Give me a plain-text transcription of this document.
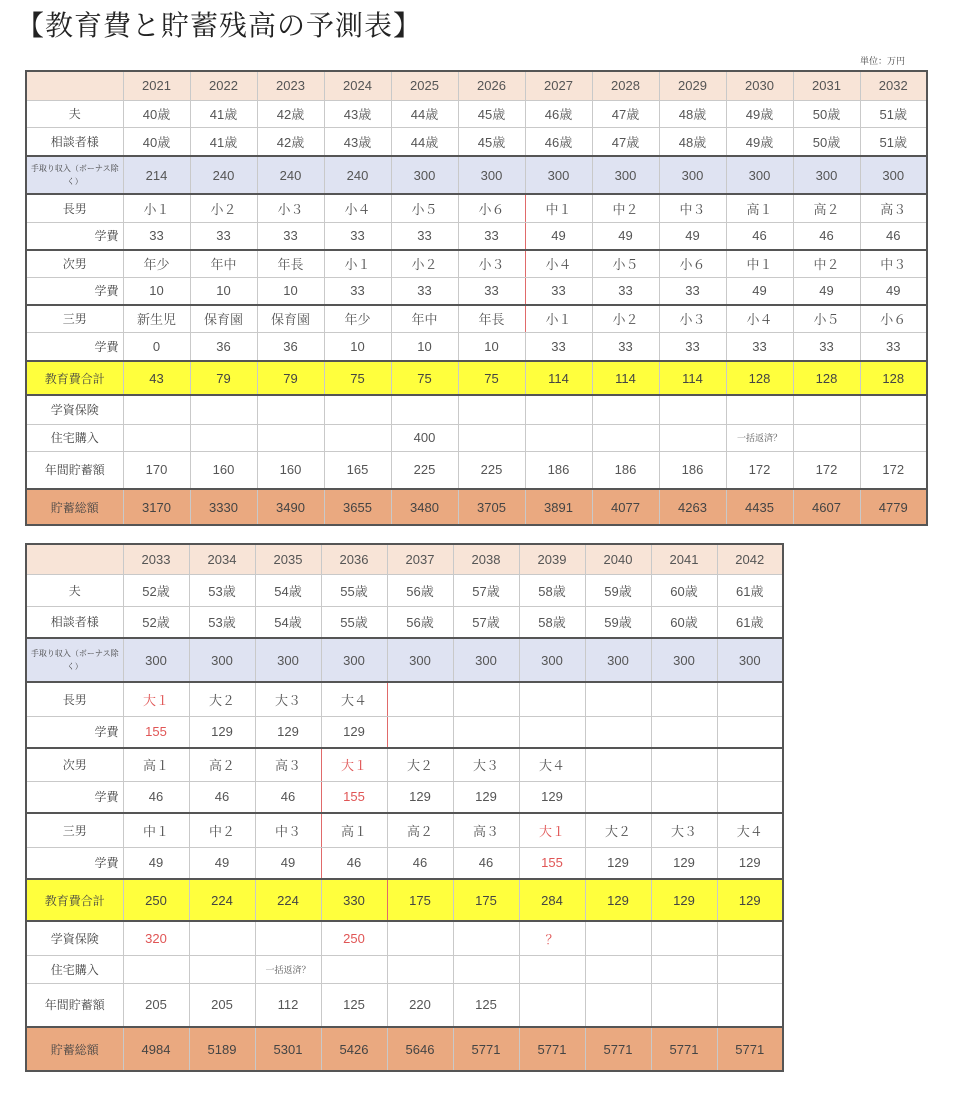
【教育費と貯蓄残高の予測表】
単位：万円
	2021	2022	2023	2024	2025	2026	2027	2028	2029	2030	2031	2032
夫	40歳	41歳	42歳	43歳	44歳	45歳	46歳	47歳	48歳	49歳	50歳	51歳
相談者様	40歳	41歳	42歳	43歳	44歳	45歳	46歳	47歳	48歳	49歳	50歳	51歳
手取り収入（ボーナス除く）	214	240	240	240	300	300	300	300	300	300	300	300
長男	小１	小２	小３	小４	小５	小６	中１	中２	中３	高１	高２	高３
学費	33	33	33	33	33	33	49	49	49	46	46	46
次男	年少	年中	年長	小１	小２	小３	小４	小５	小６	中１	中２	中３
学費	10	10	10	33	33	33	33	33	33	49	49	49
三男	新生児	保育園	保育園	年少	年中	年長	小１	小２	小３	小４	小５	小６
学費	0	36	36	10	10	10	33	33	33	33	33	33
教育費合計	43	79	79	75	75	75	114	114	114	128	128	128
学資保険												
住宅購入					400					一括返済？		
年間貯蓄額	170	160	160	165	225	225	186	186	186	172	172	172
貯蓄総額	3170	3330	3490	3655	3480	3705	3891	4077	4263	4435	4607	4779
	2033	2034	2035	2036	2037	2038	2039	2040	2041	2042
夫	52歳	53歳	54歳	55歳	56歳	57歳	58歳	59歳	60歳	61歳
相談者様	52歳	53歳	54歳	55歳	56歳	57歳	58歳	59歳	60歳	61歳
手取り収入（ボーナス除く）	300	300	300	300	300	300	300	300	300	300
長男	大１	大２	大３	大４						
学費	155	129	129	129						
次男	高１	高２	高３	大１	大２	大３	大４			
学費	46	46	46	155	129	129	129			
三男	中１	中２	中３	高１	高２	高３	大１	大２	大３	大４
学費	49	49	49	46	46	46	155	129	129	129
教育費合計	250	224	224	330	175	175	284	129	129	129
学資保険	320			250			？			
住宅購入			一括返済？							
年間貯蓄額	205	205	112	125	220	125				
貯蓄総額	4984	5189	5301	5426	5646	5771	5771	5771	5771	5771
